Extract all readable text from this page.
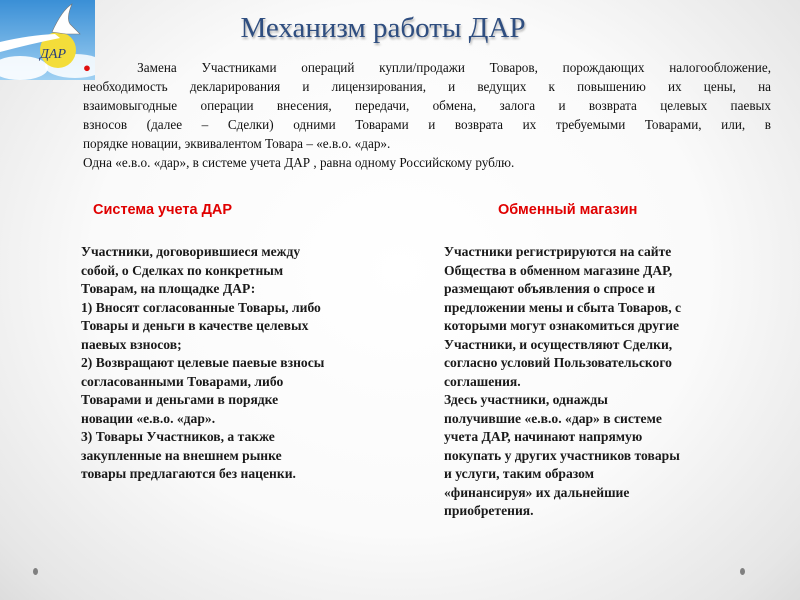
ДАР
Механизм работы ДАР
● Замена Участниками операций купли/продажи Товаров, порождающих налогообложение,
необходимость декларирования и лицензирования, и ведущих к повышению их цены, на
взаимовыгодные операции внесения, передачи, обмена, залога и возврата целевых паевых
взносов (далее – Сделки) одними Товарами и возврата их требуемыми Товарами, или, в
порядке новации, эквивалентом Товара – «е.в.о. «дар».
Одна «е.в.о. «дар», в системе учета ДАР , равна одному Российскому рублю.
Система учета ДАР	Обменный магазин
Участники, договорившиеся между
собой, о Сделках по конкретным
Товарам, на площадке ДАР:
1) Вносят согласованные Товары, либо
Товары и деньги в качестве целевых
паевых взносов;
2) Возвращают целевые паевые взносы
согласованными Товарами, либо
Товарами и деньгами в порядке
новации «е.в.о. «дар».
3) Товары Участников, а также
закупленные на внешнем рынке
товары предлагаются без наценки.
Участники регистрируются на сайте
Общества в обменном магазине ДАР,
размещают объявления о спросе и
предложении мены и сбыта Товаров, с
которыми могут ознакомиться другие
Участники, и осуществляют Сделки,
согласно условий Пользовательского
соглашения.
Здесь участники, однажды
получившие «е.в.о. «дар» в системе
учета ДАР, начинают напрямую
покупать у других участников товары
и услуги, таким образом
«финансируя» их дальнейшие
приобретения.
